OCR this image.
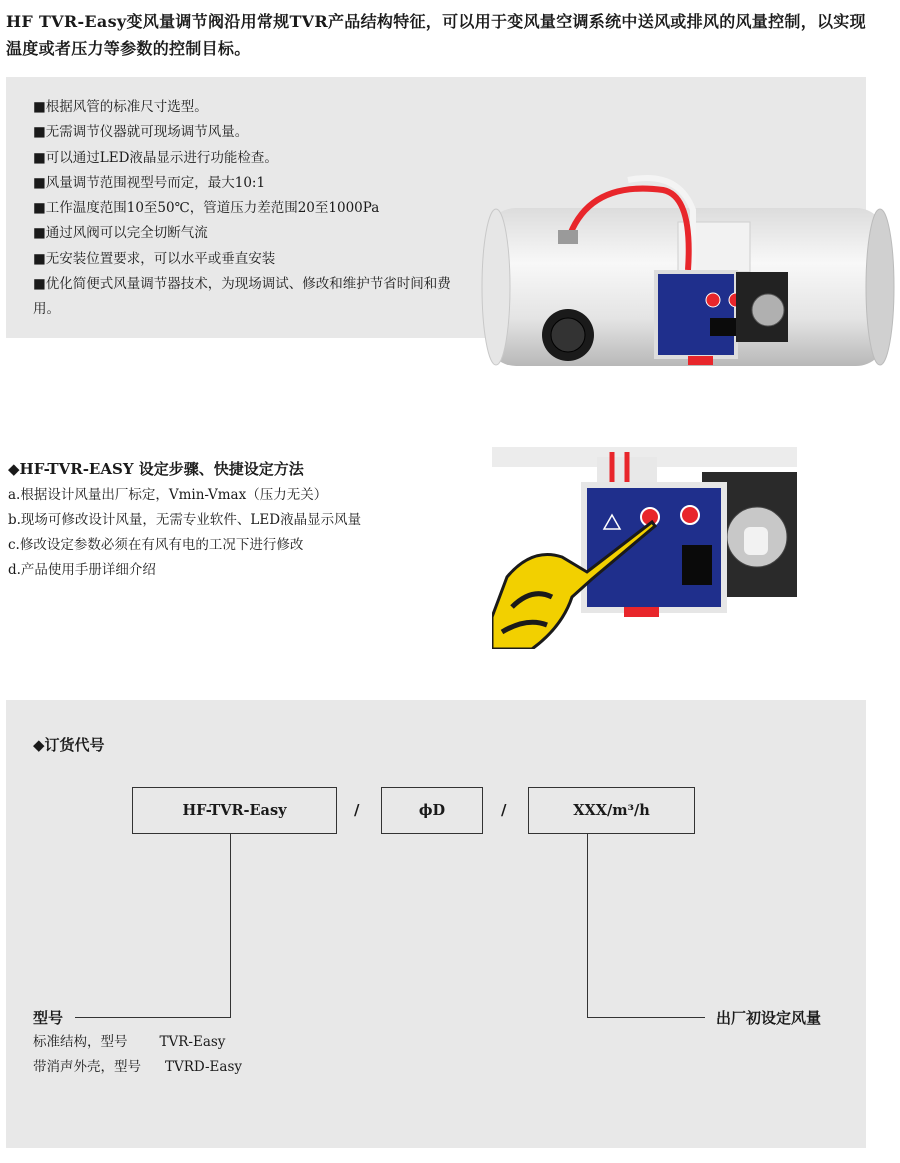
HF TVR-Easy变风量调节阀沿用常规TVR产品结构特征，可以用于变风量空调系统中送风或排风的风量控制，以实现温度或者压力等参数的控制目标。
■根据风管的标准尺寸选型。
■无需调节仪器就可现场调节风量。
■可以通过LED液晶显示进行功能检查。
■风量调节范围视型号而定，最大10:1
■工作温度范围10至50℃，管道压力差范围20至1000Pa
■通过风阀可以完全切断气流
■无安装位置要求，可以水平或垂直安装
■优化简便式风量调节器技术，为现场调试、修改和维护节省时间和费用。
◆HF-TVR-EASY 设定步骤、快捷设定方法
a.根据设计风量出厂标定，Vmin-Vmax（压力无关）
b.现场可修改设计风量，无需专业软件、LED液晶显示风量
c.修改设定参数必须在有风有电的工况下进行修改
d.产品使用手册详细介绍
◆订货代号
HF-TVR-Easy	/	ϕD	/	XXX/m³/h
型号	出厂初设定风量
标准结构，型号 TVR-Easy
带消声外壳，型号 TVRD-Easy
